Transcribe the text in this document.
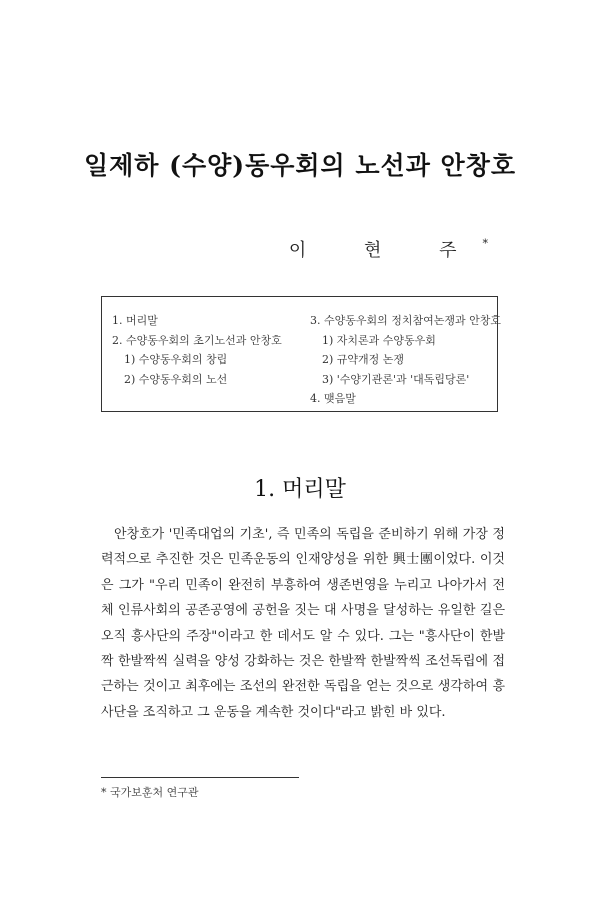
일제하 (수양)동우회의 노선과 안창호
이 현 주*
1. 머리말
2. 수양동우회의 초기노선과 안창호
1) 수양동우회의 창립
2) 수양동우회의 노선
3. 수양동우회의 정치참여논쟁과 안창호
1) 자치론과 수양동우회
2) 규약개정 논쟁
3) '수양기관론'과 '대독립당론'
4. 맺음말
1. 머리말

안창호가 '민족대업의 기초', 즉 민족의 독립을 준비하기 위해 가장 정력적으로 추진한 것은 민족운동의 인재양성을 위한 興士團이었다. 이것은 그가 "우리 민족이 완전히 부흥하여 생존번영을 누리고 나아가서 전체 인류사회의 공존공영에 공헌을 짓는 대 사명을 달성하는 유일한 길은 오직 흥사단의 주장"이라고 한 데서도 알 수 있다. 그는 "흥사단이 한발짝 한발짝씩 실력을 양성 강화하는 것은 한발짝 한발짝씩 조선독립에 접근하는 것이고 최후에는 조선의 완전한 독립을 얻는 것으로 생각하여 흥사단을 조직하고 그 운동을 계속한 것이다"라고 밝힌 바 있다.

* 국가보훈처 연구관
